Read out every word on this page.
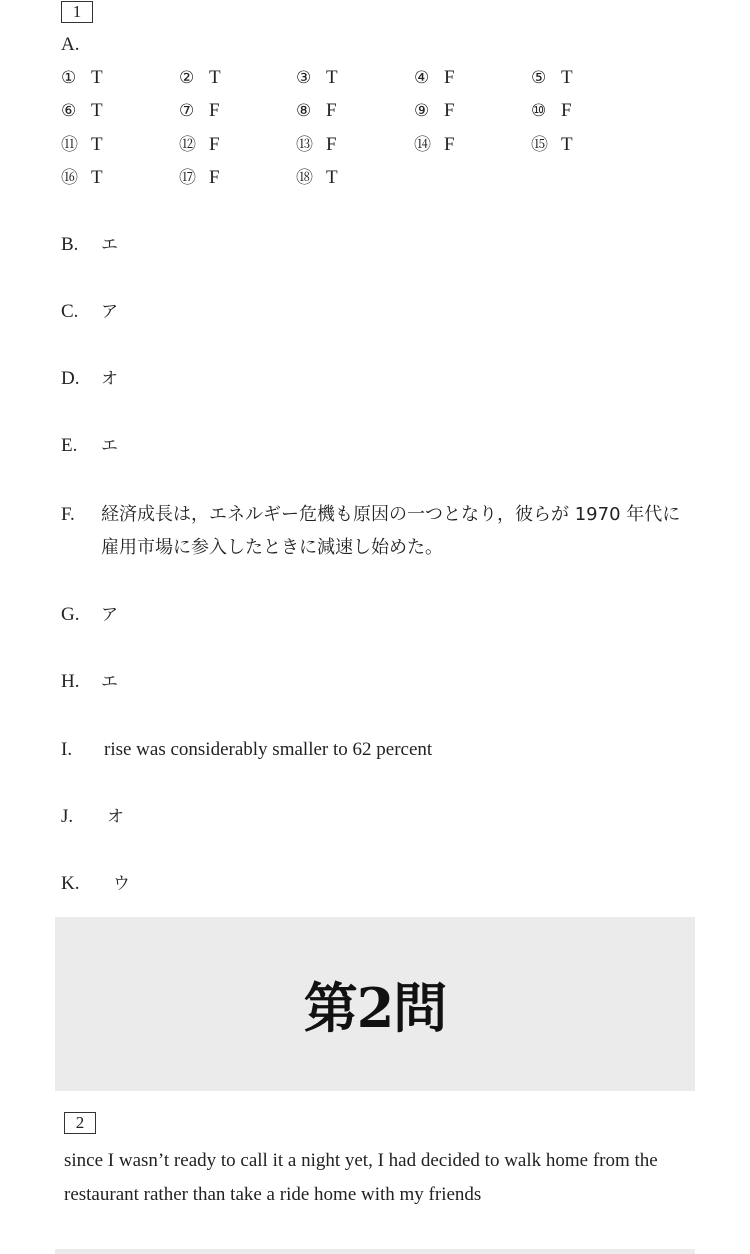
1
A.
① T	② T	③ T	④ F	⑤ T
⑥ T	⑦ F	⑧ F	⑨ F	⑩ F
⑪ T	⑫ F	⑬ F	⑭ F	⑮ T
⑯ T	⑰ F	⑱ T
B. エ
C. ア
D. オ
E. エ
F.	経済成長は，エネルギー危機も原因の一つとなり，彼らが 1970 年代に雇用市場に参入したときに減速し始めた。
G. ア
H. エ
I. rise was considerably smaller to 62 percent
J. オ
K. ウ
第2問
2
since I wasn’t ready to call it a night yet, I had decided to walk home from the restaurant rather than take a ride home with my friends
